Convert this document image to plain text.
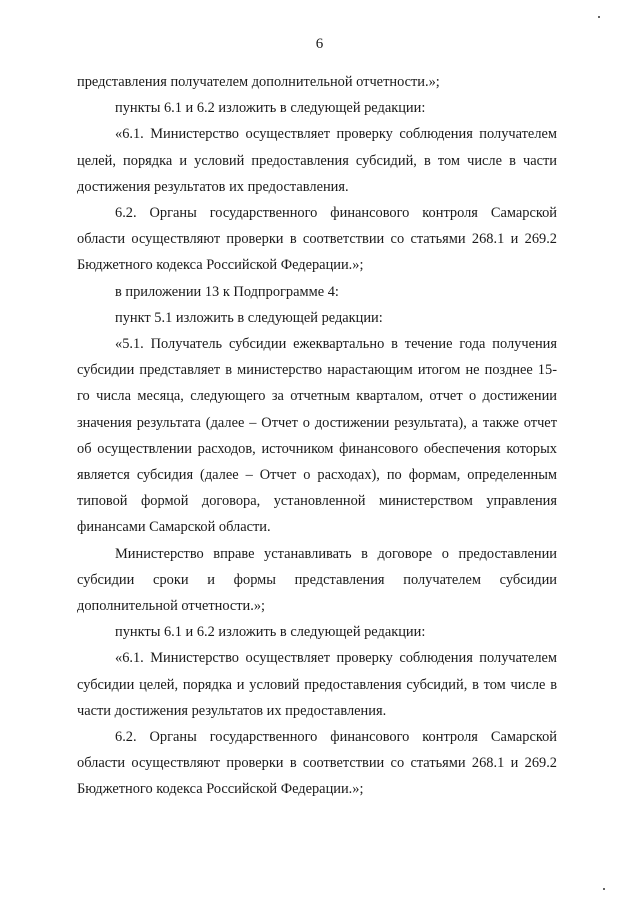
6

представления получателем дополнительной отчетности.»;

пункты 6.1 и 6.2 изложить в следующей редакции:

«6.1. Министерство осуществляет проверку соблюдения получателем целей, порядка и условий предоставления субсидий, в том числе в части достижения результатов их предоставления.

6.2. Органы государственного финансового контроля Самарской области осуществляют проверки в соответствии со статьями 268.1 и 269.2 Бюджетного кодекса Российской Федерации.»;

в приложении 13 к Подпрограмме 4:

пункт 5.1 изложить в следующей редакции:

«5.1. Получатель субсидии ежеквартально в течение года получения субсидии представляет в министерство нарастающим итогом не позднее 15-го числа месяца, следующего за отчетным кварталом, отчет о достижении значения результата (далее – Отчет о достижении результата), а также отчет об осуществлении расходов, источником финансового обеспечения которых является субсидия (далее – Отчет о расходах), по формам, определенным типовой формой договора, установленной министерством управления финансами Самарской области.

Министерство вправе устанавливать в договоре о предоставлении субсидии сроки и формы представления получателем субсидии дополнительной отчетности.»;

пункты 6.1 и 6.2 изложить в следующей редакции:

«6.1. Министерство осуществляет проверку соблюдения получателем субсидии целей, порядка и условий предоставления субсидий, в том числе в части достижения результатов их предоставления.

6.2. Органы государственного финансового контроля Самарской области осуществляют проверки в соответствии со статьями 268.1 и 269.2 Бюджетного кодекса Российской Федерации.»;
